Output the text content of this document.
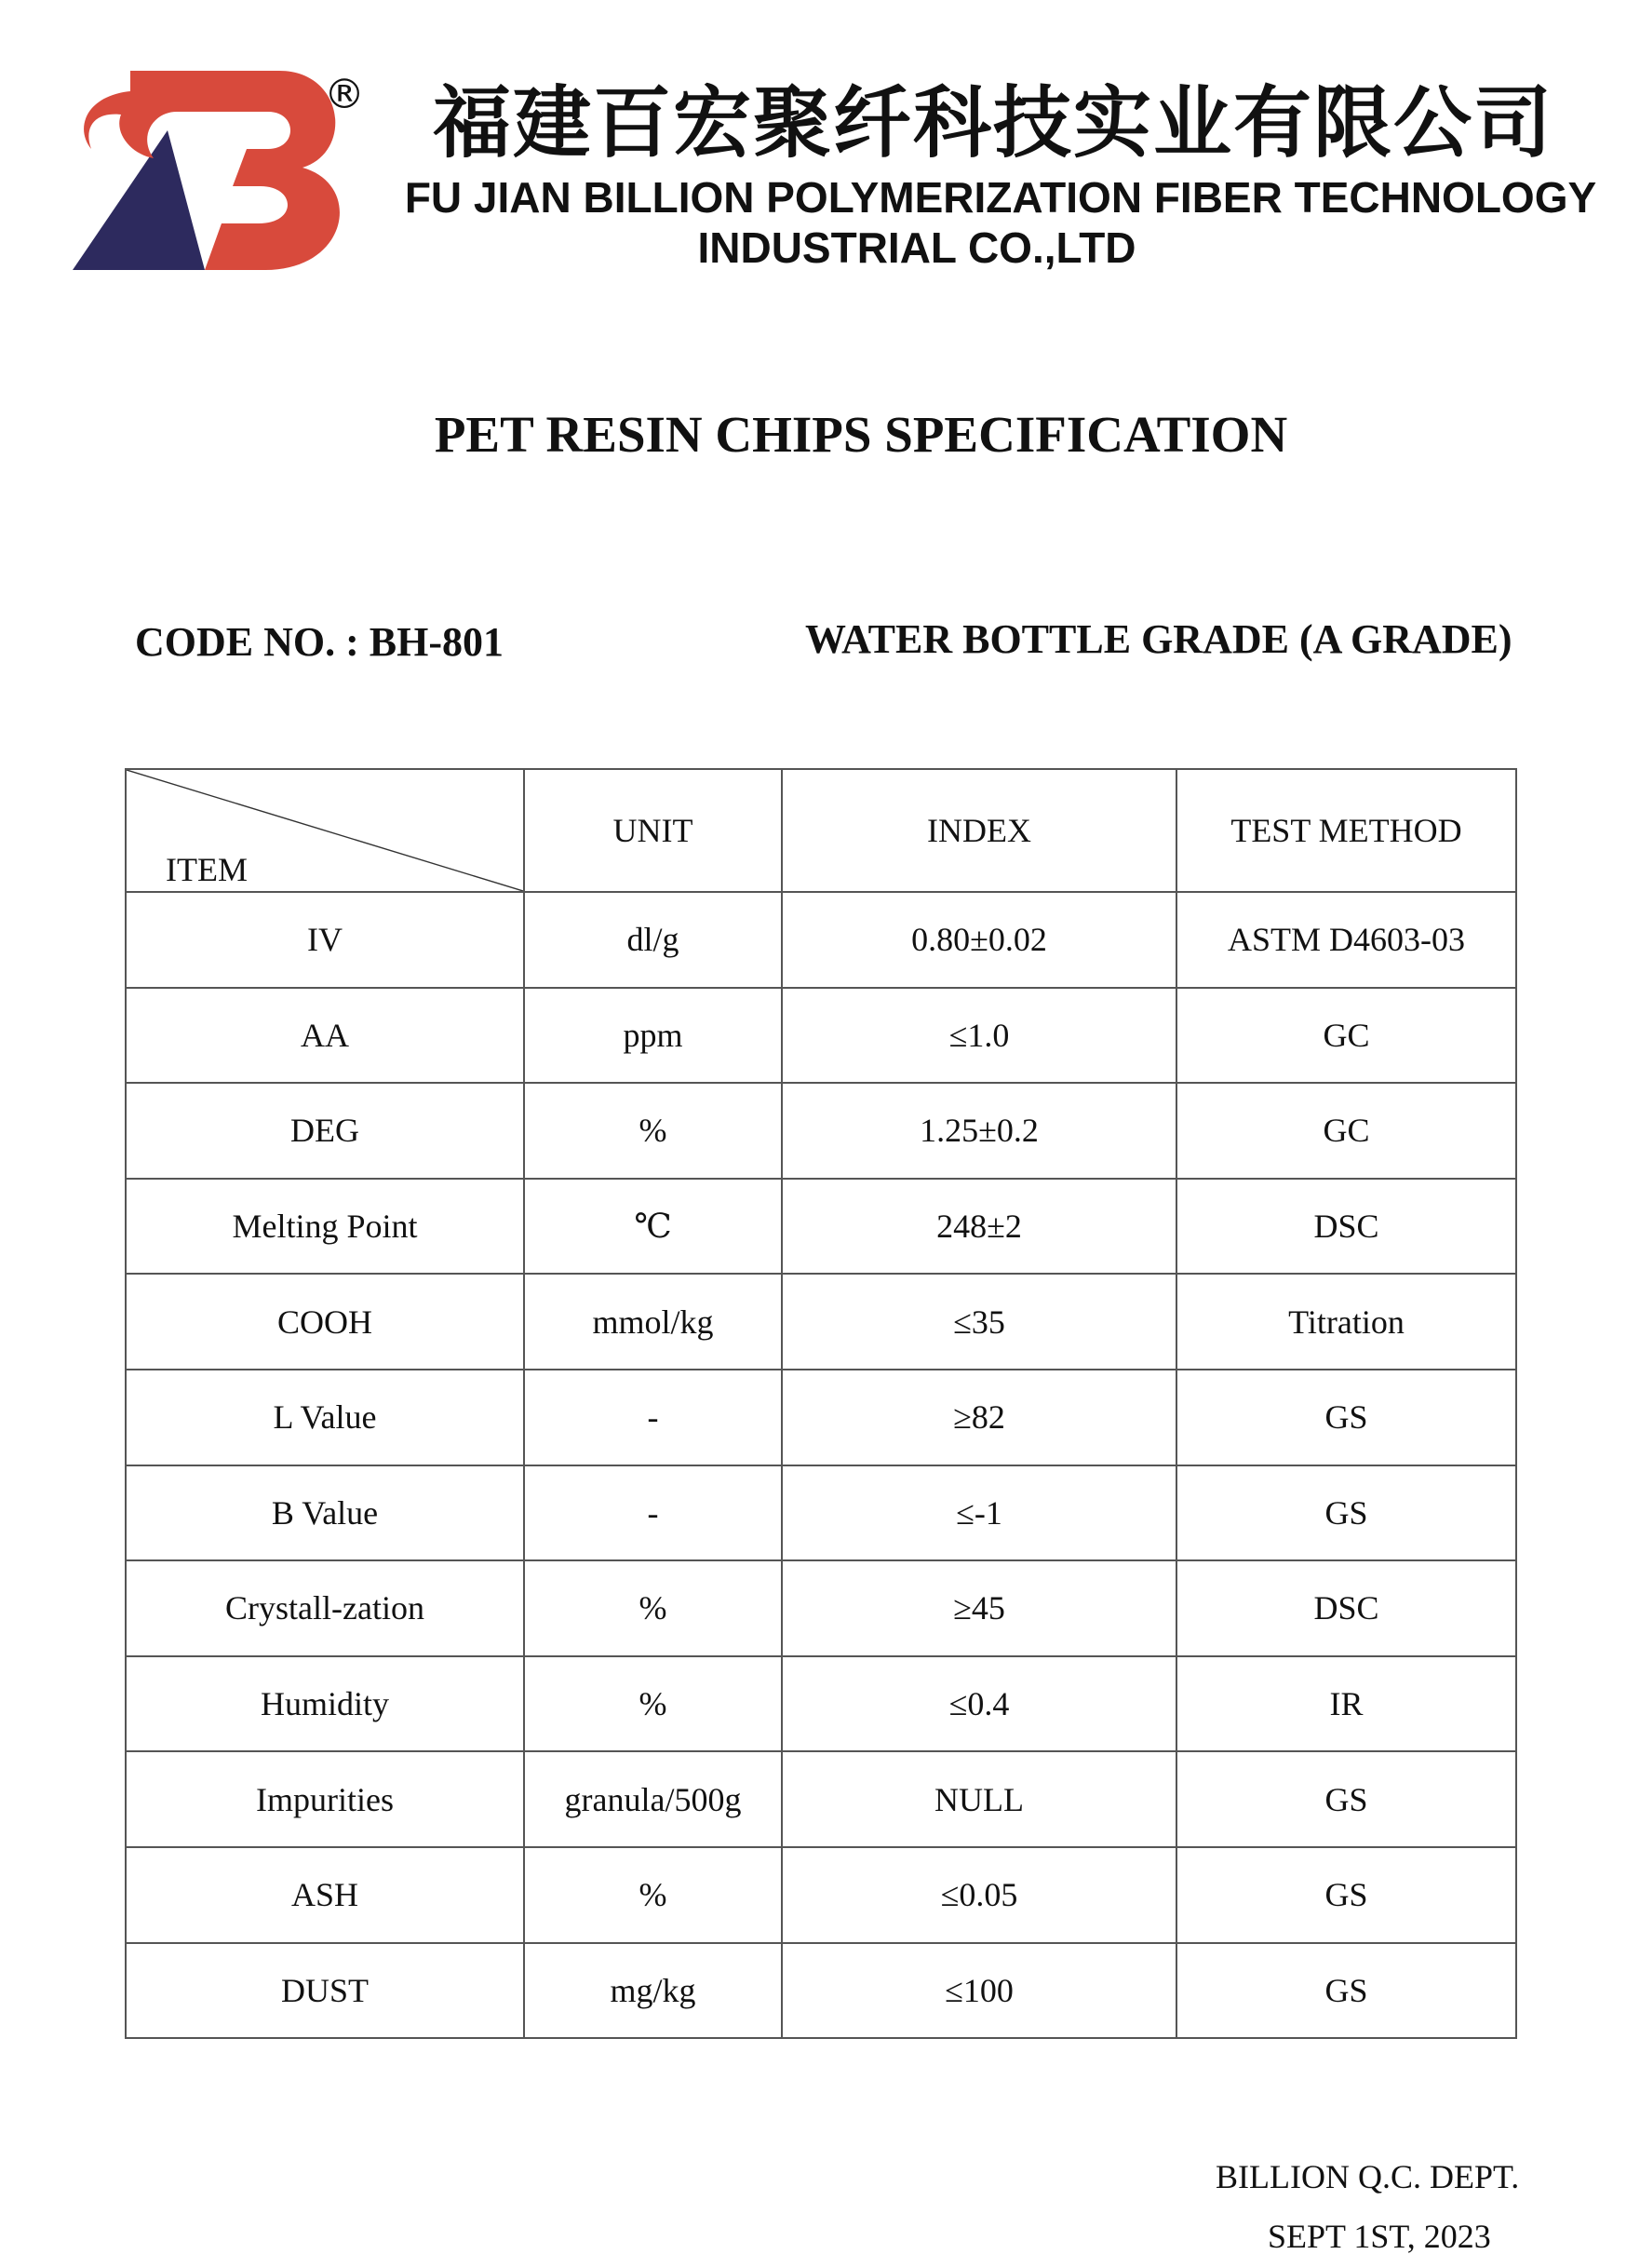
® 福建百宏聚纤科技实业有限公司
FU JIAN BILLION POLYMERIZATION FIBER TECHNOLOGY
INDUSTRIAL CO.,LTD
PET RESIN CHIPS SPECIFICATION
CODE NO. : BH-801	WATER BOTTLE GRADE (A GRADE)
ITEM	UNIT	INDEX	TEST METHOD
IV	dl/g	0.80±0.02	ASTM D4603-03
AA	ppm	≤1.0	GC
DEG	%	1.25±0.2	GC
Melting Point	℃	248±2	DSC
COOH	mmol/kg	≤35	Titration
L Value	-	≥82	GS
B Value	-	≤-1	GS
Crystall-zation	%	≥45	DSC
Humidity	%	≤0.4	IR
Impurities	granula/500g	NULL	GS
ASH	%	≤0.05	GS
DUST	mg/kg	≤100	GS
BILLION Q.C. DEPT.
SEPT 1ST, 2023
